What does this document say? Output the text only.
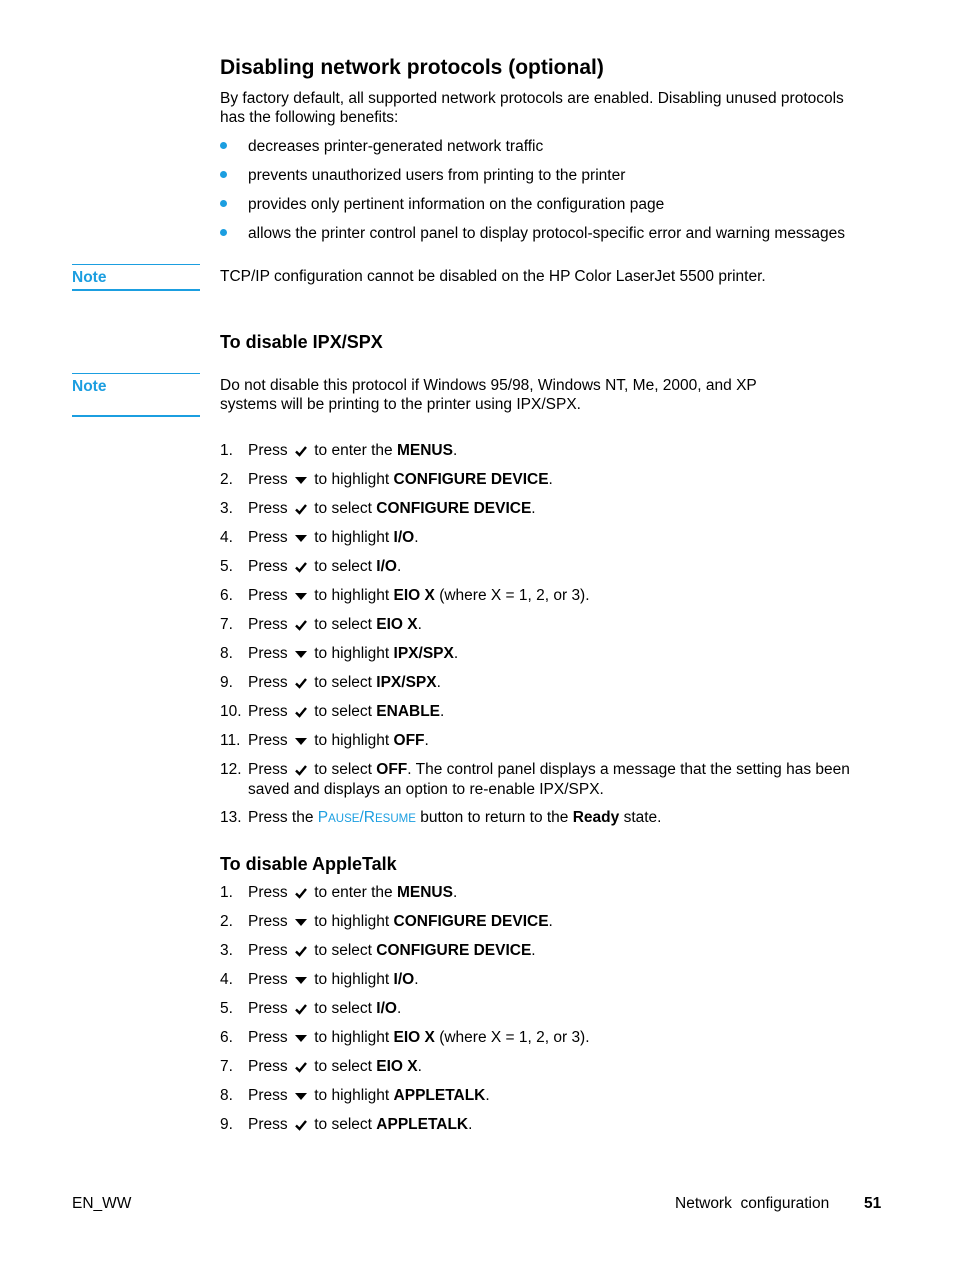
Disabling network protocols (optional)
By factory default, all supported network protocols are enabled. Disabling unused protocols
has the following benefits:
decreases printer-generated network traffic
prevents unauthorized users from printing to the printer
provides only pertinent information on the configuration page
allows the printer control panel to display protocol-specific error and warning messages
Note	TCP/IP configuration cannot be disabled on the HP Color LaserJet 5500 printer.
To disable IPX/SPX
Note	Do not disable this protocol if Windows 95/98, Windows NT, Me, 2000, and XP
systems will be printing to the printer using IPX/SPX.
1. Press  to enter the MENUS.
2. Press  to highlight CONFIGURE DEVICE.
3. Press  to select CONFIGURE DEVICE.
4. Press  to highlight I/O.
5. Press  to select I/O.
6. Press  to highlight EIO X (where X = 1, 2, or 3).
7. Press  to select EIO X.
8. Press  to highlight IPX/SPX.
9. Press  to select IPX/SPX.
10. Press  to select ENABLE.
11. Press  to highlight OFF.
12. Press  to select OFF. The control panel displays a message that the setting has been saved and displays an option to re-enable IPX/SPX.
13. Press the PAUSE/RESUME button to return to the Ready state.
To disable AppleTalk
1. Press  to enter the MENUS.
2. Press  to highlight CONFIGURE DEVICE.
3. Press  to select CONFIGURE DEVICE.
4. Press  to highlight I/O.
5. Press  to select I/O.
6. Press  to highlight EIO X (where X = 1, 2, or 3).
7. Press  to select EIO X.
8. Press  to highlight APPLETALK.
9. Press  to select APPLETALK.
EN_WW	Network  configuration 51
